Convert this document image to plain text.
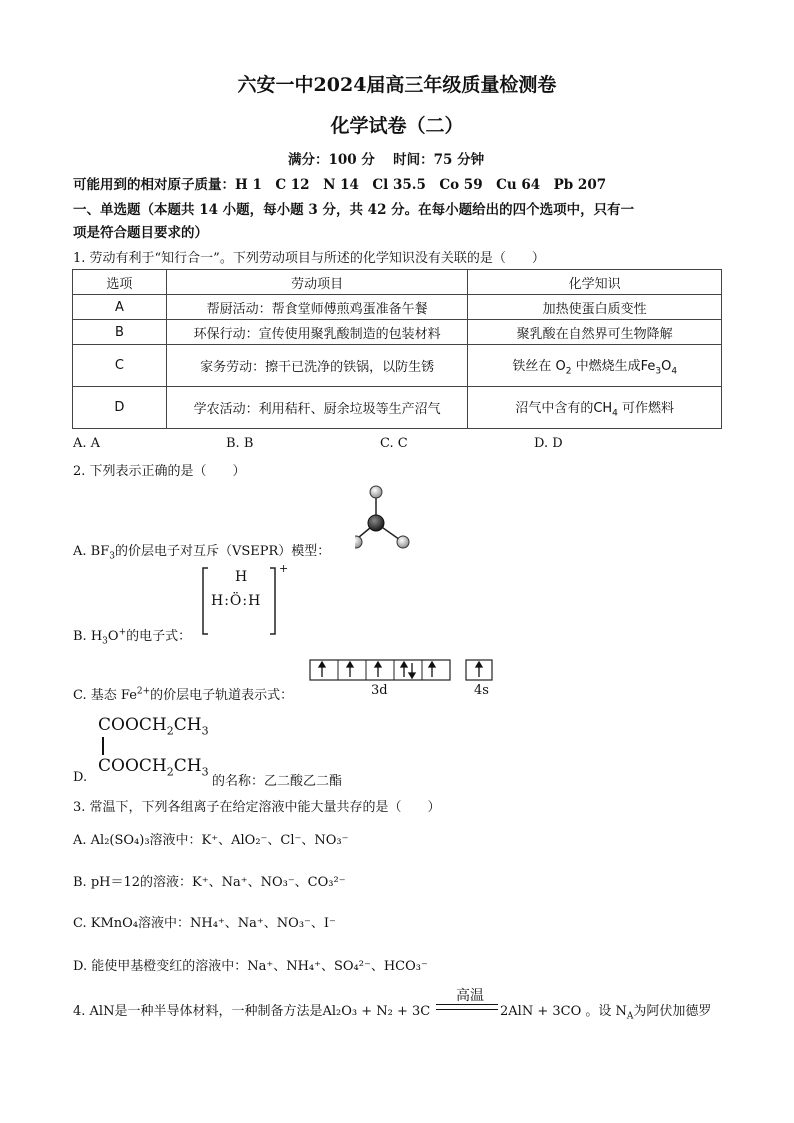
六安一中2024届高三年级质量检测卷
化学试卷（二）
满分：100 分　 时间：75 分钟
可能用到的相对原子质量：H 1　C 12　N 14　Cl 35.5　Co 59　Cu 64　Pb 207
一、单选题（本题共 14 小题，每小题 3 分，共 42 分。在每小题给出的四个选项中，只有一
项是符合题目要求的）
1. 劳动有利于“知行合一”。下列劳动项目与所述的化学知识没有关联的是（　　）
选项	劳动项目	化学知识
A	帮厨活动：帮食堂师傅煎鸡蛋准备午餐	加热使蛋白质变性
B	环保行动：宣传使用聚乳酸制造的包装材料	聚乳酸在自然界可生物降解
C	家务劳动：擦干已洗净的铁锅，以防生锈	铁丝在 $O_2$ 中燃烧生成$Fe_3O_4$
D	学农活动：利用秸秆、厨余垃圾等生产沼气	沼气中含有的$CH_4$ 可作燃料
A. A	B. B	C. C	D. D
2. 下列表示正确的是（　　）
A. $BF_3$的价层电子对互斥（VSEPR）模型：
H
H:Ö:H
+
B. $H_3O^+$的电子式：
3d	4s
C. 基态 $Fe^{2+}$的价层电子轨道表示式：
$COOCH_2CH_3$
$COOCH_2CH_3$
D.	的名称：乙二酸乙二酯
3. 常温下，下列各组离子在给定溶液中能大量共存的是（　　）
A. Al₂(SO₄)₃溶液中：K⁺、AlO₂⁻、Cl⁻、NO₃⁻
B. pH＝12的溶液：K⁺、Na⁺、NO₃⁻、CO₃²⁻
C. KMnO₄溶液中：NH₄⁺、Na⁺、NO₃⁻、I⁻
D. 能使甲基橙变红的溶液中：Na⁺、NH₄⁺、SO₄²⁻、HCO₃⁻
高温
4. AlN是一种半导体材料，一种制备方法是Al₂O₃ + N₂ + 3C	2AlN + 3CO 。设 $N_A$为阿伏加德罗
